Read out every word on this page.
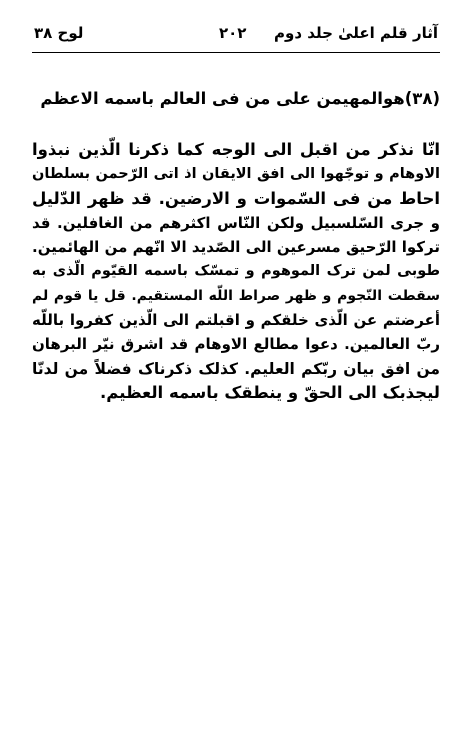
لوح ۳۸	۲۰۲ آثار قلم اعلیٰ جلد دوم
(۳۸)هوالمهیمن علی من فی العالم باسمه الاعظم
انّا نذکر من اقبل الی الوجه کما ذکرنا الّذین نبذوا
الاوهام و توجّهوا الی افق الایقان اذ اتی الرّحمن بسلطان
احاط من فی السّموات و الارضین. قد ظهر الدّلیل
و جری السّلسبیل ولکن النّاس اکثرهم من الغافلین. قد
ترکوا الرّحیق مسرعین الی الصّدید الا انّهم من الهائمین.
طوبی لمن ترک الموهوم و تمسّک باسمه القیّوم الّذی به
سقطت النّجوم و ظهر صراط اللّه المستقیم. قل یا قوم لم
أعرضتم عن الّذی خلقکم و اقبلتم الی الّذین کفروا باللّه
ربّ العالمین. دعوا مطالع الاوهام قد اشرق نیّر البرهان
من افق بیان ربّکم العلیم. کذلک ذکرناک فضلاً من لدنّا
لیجذبک الی الحقّ و ینطقک باسمه العظیم.
